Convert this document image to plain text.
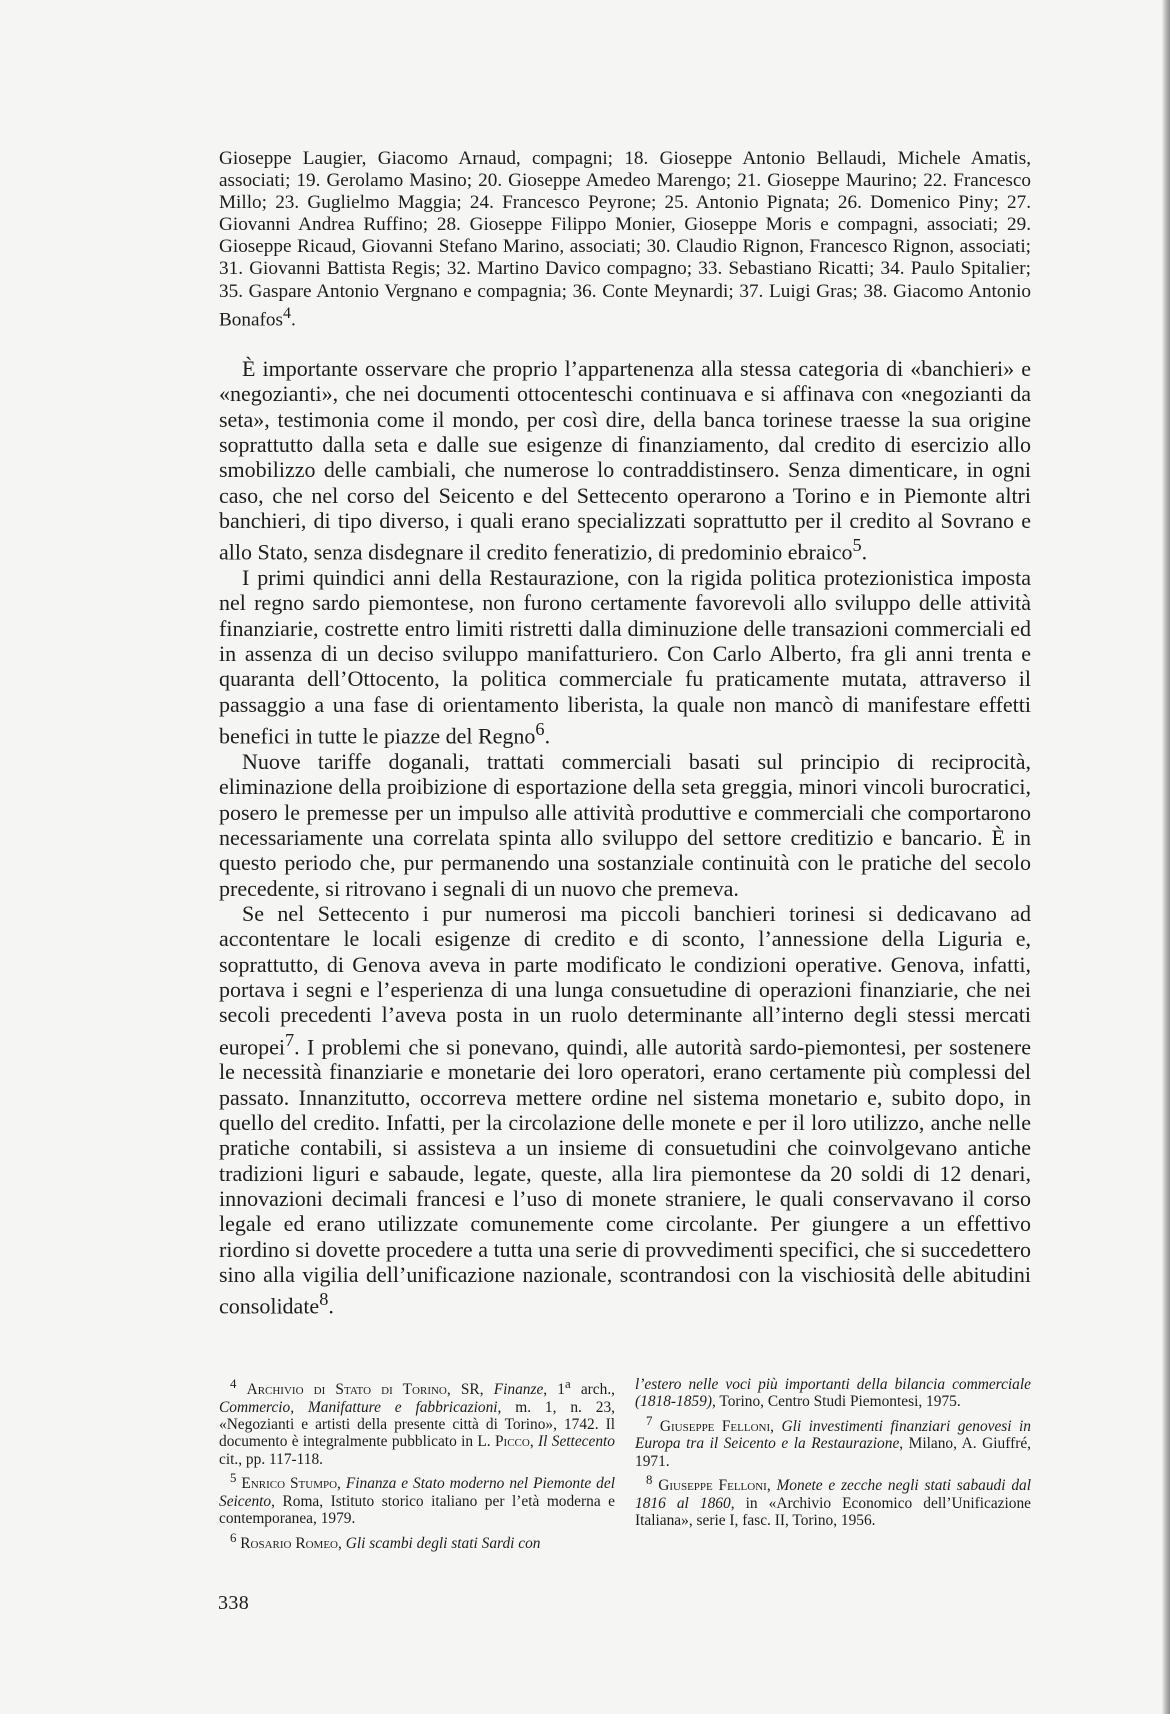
Gioseppe Laugier, Giacomo Arnaud, compagni; 18. Gioseppe Antonio Bellaudi, Michele Amatis, associati; 19. Gerolamo Masino; 20. Gioseppe Amedeo Marengo; 21. Gioseppe Maurino; 22. Francesco Millo; 23. Guglielmo Maggia; 24. Francesco Peyrone; 25. Antonio Pignata; 26. Domenico Piny; 27. Giovanni Andrea Ruffino; 28. Gioseppe Filippo Monier, Gioseppe Moris e compagni, associati; 29. Gioseppe Ricaud, Giovanni Stefano Marino, associati; 30. Claudio Rignon, Francesco Rignon, associati; 31. Giovanni Battista Regis; 32. Martino Davico compagno; 33. Sebastiano Ricatti; 34. Paulo Spitalier; 35. Gaspare Antonio Vergnano e compagnia; 36. Conte Meynardi; 37. Luigi Gras; 38. Giacomo Antonio Bonafos$^4$.

È importante osservare che proprio l’appartenenza alla stessa categoria di «banchieri» e «negozianti», che nei documenti ottocenteschi continuava e si affinava con «negozianti da seta», testimonia come il mondo, per così dire, della banca torinese traesse la sua origine soprattutto dalla seta e dalle sue esigenze di finanziamento, dal credito di esercizio allo smobilizzo delle cambiali, che numerose lo contraddistinsero. Senza dimenticare, in ogni caso, che nel corso del Seicento e del Settecento operarono a Torino e in Piemonte altri banchieri, di tipo diverso, i quali erano specializzati soprattutto per il credito al Sovrano e allo Stato, senza disdegnare il credito feneratizio, di predominio ebraico$^5$.

I primi quindici anni della Restaurazione, con la rigida politica protezionistica imposta nel regno sardo piemontese, non furono certamente favorevoli allo sviluppo delle attività finanziarie, costrette entro limiti ristretti dalla diminuzione delle transazioni commerciali ed in assenza di un deciso sviluppo manifatturiero. Con Carlo Alberto, fra gli anni trenta e quaranta dell’Ottocento, la politica commerciale fu praticamente mutata, attraverso il passaggio a una fase di orientamento liberista, la quale non mancò di manifestare effetti benefici in tutte le piazze del Regno$^6$.

Nuove tariffe doganali, trattati commerciali basati sul principio di reciprocità, eliminazione della proibizione di esportazione della seta greggia, minori vincoli burocratici, posero le premesse per un impulso alle attività produttive e commerciali che comportarono necessariamente una correlata spinta allo sviluppo del settore creditizio e bancario. È in questo periodo che, pur permanendo una sostanziale continuità con le pratiche del secolo precedente, si ritrovano i segnali di un nuovo che premeva.

Se nel Settecento i pur numerosi ma piccoli banchieri torinesi si dedicavano ad accontentare le locali esigenze di credito e di sconto, l’annessione della Liguria e, soprattutto, di Genova aveva in parte modificato le condizioni operative. Genova, infatti, portava i segni e l’esperienza di una lunga consuetudine di operazioni finanziarie, che nei secoli precedenti l’aveva posta in un ruolo determinante all’interno degli stessi mercati europei$^7$. I problemi che si ponevano, quindi, alle autorità sardo-piemontesi, per sostenere le necessità finanziarie e monetarie dei loro operatori, erano certamente più complessi del passato. Innanzitutto, occorreva mettere ordine nel sistema monetario e, subito dopo, in quello del credito. Infatti, per la circolazione delle monete e per il loro utilizzo, anche nelle pratiche contabili, si assisteva a un insieme di consuetudini che coinvolgevano antiche tradizioni liguri e sabaude, legate, queste, alla lira piemontese da 20 soldi di 12 denari, innovazioni decimali francesi e l’uso di monete straniere, le quali conservavano il corso legale ed erano utilizzate comunemente come circolante. Per giungere a un effettivo riordino si dovette procedere a tutta una serie di provvedimenti specifici, che si succedettero sino alla vigilia dell’unificazione nazionale, scontrandosi con la vischiosità delle abitudini consolidate$^8$.

$^4$ Archivio di Stato di Torino, SR, Finanze, 1$^a$ arch., Commercio, Manifatture e fabbricazioni, m. 1, n. 23, «Negozianti e artisti della presente città di Torino», 1742. Il documento è integralmente pubblicato in L. Picco, Il Settecento cit., pp. 117-118.

$^5$ Enrico Stumpo, Finanza e Stato moderno nel Piemonte del Seicento, Roma, Istituto storico italiano per l’età moderna e contemporanea, 1979.

$^6$ Rosario Romeo, Gli scambi degli stati Sardi con

l’estero nelle voci più importanti della bilancia commerciale (1818-1859), Torino, Centro Studi Piemontesi, 1975.

$^7$ Giuseppe Felloni, Gli investimenti finanziari genovesi in Europa tra il Seicento e la Restaurazione, Milano, A. Giuffré, 1971.

$^8$ Giuseppe Felloni, Monete e zecche negli stati sabaudi dal 1816 al 1860, in «Archivio Economico dell’Unificazione Italiana», serie I, fasc. II, Torino, 1956.

338
